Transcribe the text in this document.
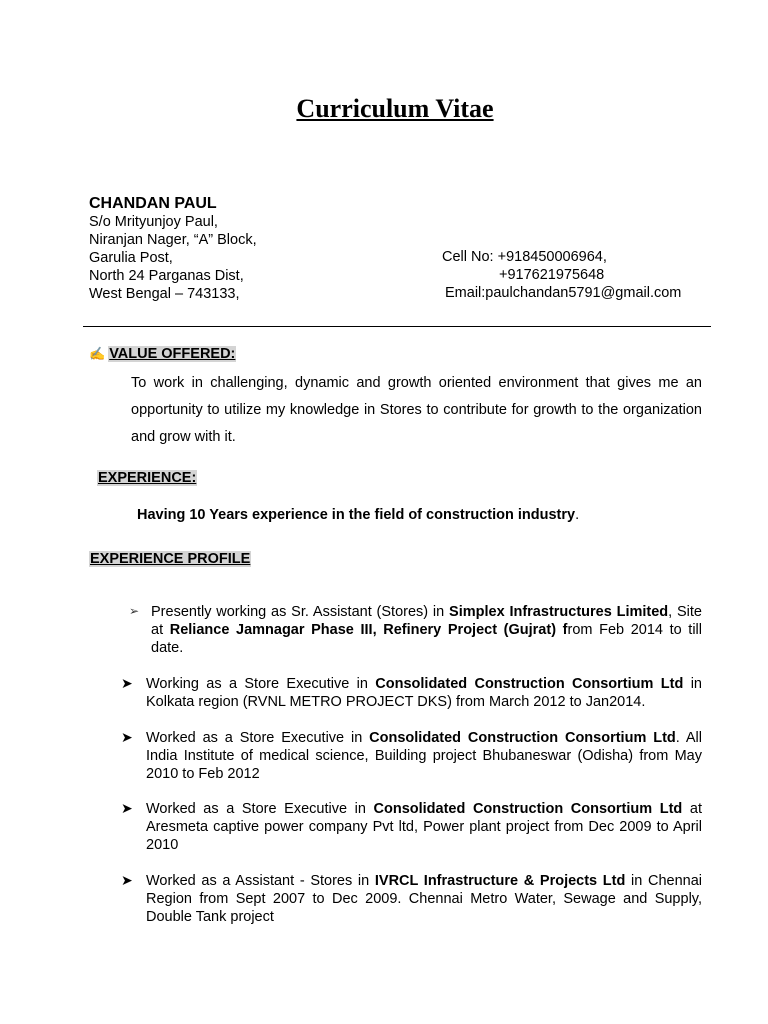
Curriculum Vitae
CHANDAN PAUL
S/o Mrityunjoy Paul,
Niranjan Nager, “A” Block,
Garulia Post,
North 24 Parganas Dist,
West Bengal – 743133,
Cell No: +918450006964,
+917621975648
Email:paulchandan5791@gmail.com
✍ VALUE OFFERED:

To work in challenging, dynamic and growth oriented environment that gives me an opportunity to utilize my knowledge in Stores to contribute for growth to the organization and grow with it.

EXPERIENCE:
Having 10 Years experience in the field of construction industry.
EXPERIENCE PROFILE
➢ Presently working as Sr. Assistant (Stores) in Simplex Infrastructures Limited, Site at Reliance Jamnagar Phase III, Refinery Project (Gujrat) from Feb 2014 to till date.

➤ Working as a Store Executive in Consolidated Construction Consortium Ltd in Kolkata region (RVNL METRO PROJECT DKS) from March 2012 to Jan2014.

➤ Worked as a Store Executive in Consolidated Construction Consortium Ltd. All India Institute of medical science, Building project Bhubaneswar (Odisha) from May 2010 to Feb 2012

➤ Worked as a Store Executive in Consolidated Construction Consortium Ltd at Aresmeta captive power company Pvt ltd, Power plant project from Dec 2009 to April 2010

➤ Worked as a Assistant - Stores in IVRCL Infrastructure & Projects Ltd in Chennai Region from Sept 2007 to Dec 2009. Chennai Metro Water, Sewage and Supply, Double Tank project
